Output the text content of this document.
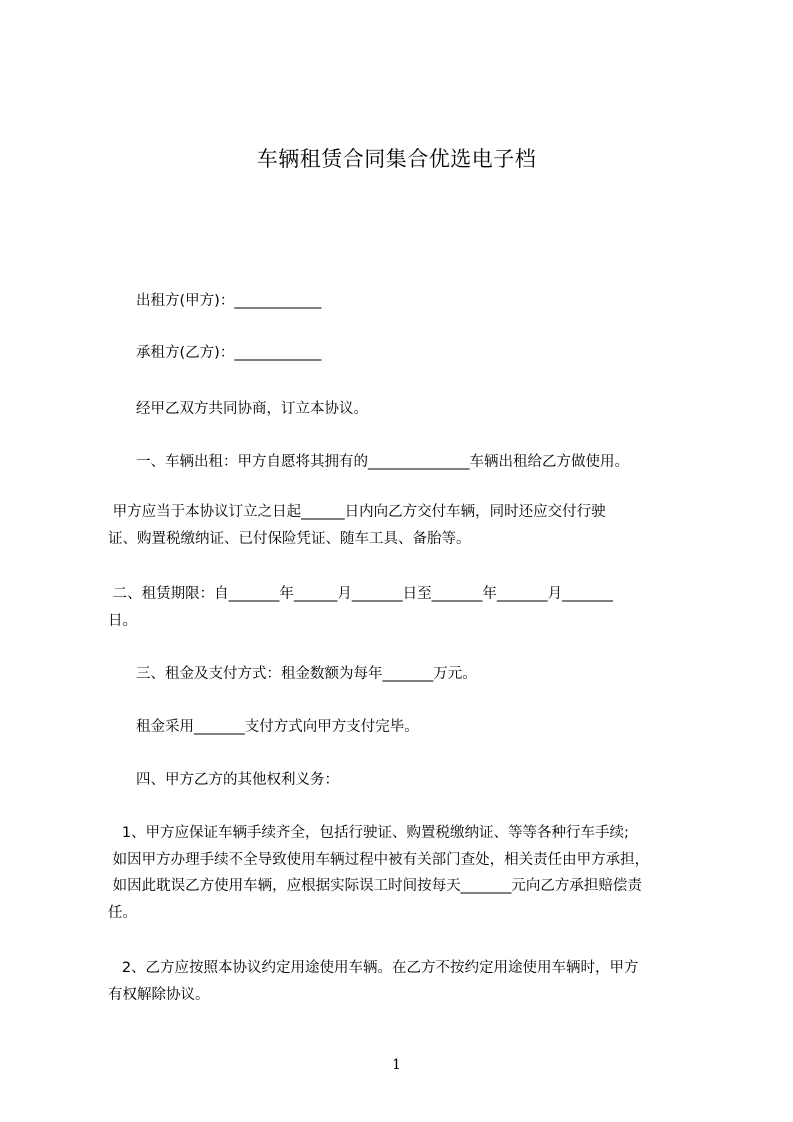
车辆租赁合同集合优选电子档
出租方(甲方)：____________
承租方(乙方)：____________
经甲乙双方共同协商，订立本协议。
一、车辆出租：甲方自愿将其拥有的______________车辆出租给乙方做使用。

甲方应当于本协议订立之日起______日内向乙方交付车辆，同时还应交付行驶

证、购置税缴纳证、已付保险凭证、随车工具、备胎等。

二、租赁期限：自_______年______月_______日至_______年_______月_______

日。

三、租金及支付方式：租金数额为每年_______万元。
租金采用_______支付方式向甲方支付完毕。
四、甲方乙方的其他权利义务：

1、甲方应保证车辆手续齐全，包括行驶证、购置税缴纳证、等等各种行车手续;

如因甲方办理手续不全导致使用车辆过程中被有关部门查处，相关责任由甲方承担，

如因此耽误乙方使用车辆，应根据实际误工时间按每天_______元向乙方承担赔偿责

任。

2、乙方应按照本协议约定用途使用车辆。在乙方不按约定用途使用车辆时，甲方

有权解除协议。

1
